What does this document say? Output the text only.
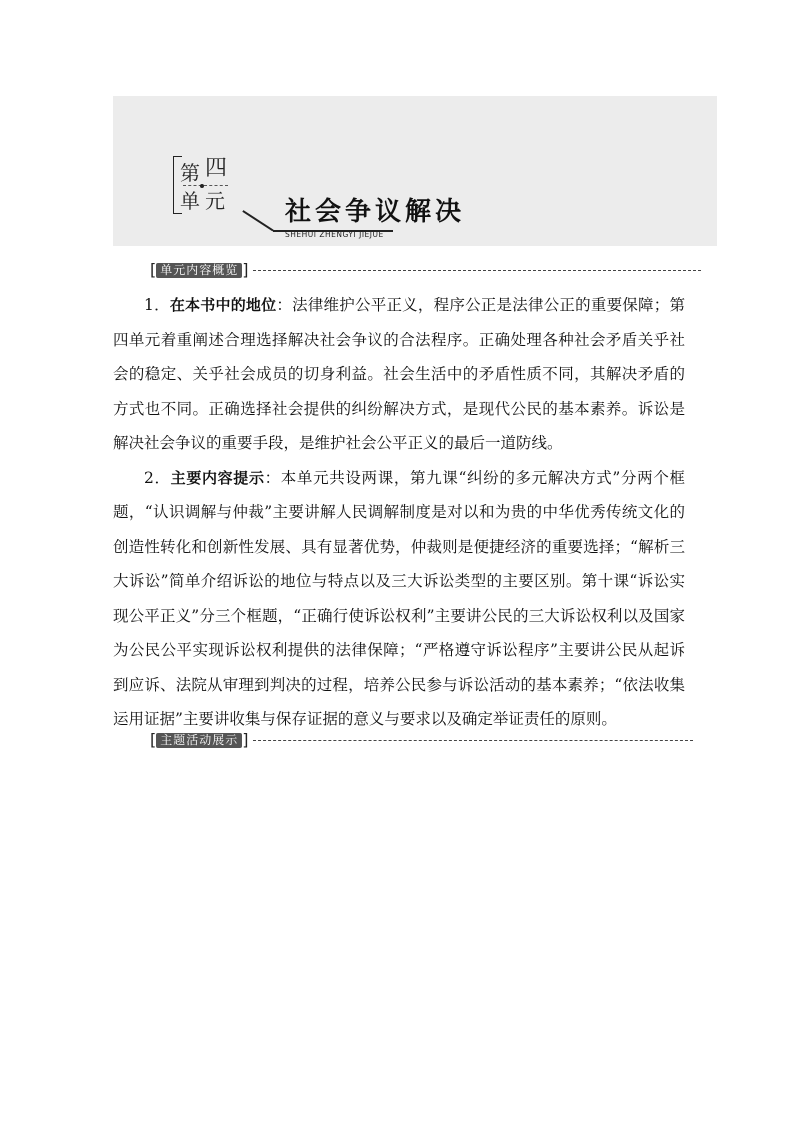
第 四
单 元 社会争议解决
SHEHUI ZHENGYI JIEJUE
[ 单元内容概览 ]

1．在本书中的地位：法律维护公平正义，程序公正是法律公正的重要保障；第四单元着重阐述合理选择解决社会争议的合法程序。正确处理各种社会矛盾关乎社会的稳定、关乎社会成员的切身利益。社会生活中的矛盾性质不同，其解决矛盾的方式也不同。正确选择社会提供的纠纷解决方式，是现代公民的基本素养。诉讼是解决社会争议的重要手段，是维护社会公平正义的最后一道防线。

2．主要内容提示：本单元共设两课，第九课“纠纷的多元解决方式”分两个框题，“认识调解与仲裁”主要讲解人民调解制度是对以和为贵的中华优秀传统文化的创造性转化和创新性发展、具有显著优势，仲裁则是便捷经济的重要选择；“解析三大诉讼”简单介绍诉讼的地位与特点以及三大诉讼类型的主要区别。第十课“诉讼实现公平正义”分三个框题，“正确行使诉讼权利”主要讲公民的三大诉讼权利以及国家为公民公平实现诉讼权利提供的法律保障；“严格遵守诉讼程序”主要讲公民从起诉到应诉、法院从审理到判决的过程，培养公民参与诉讼活动的基本素养；“依法收集运用证据”主要讲收集与保存证据的意义与要求以及确定举证责任的原则。

[ 主题活动展示 ]
